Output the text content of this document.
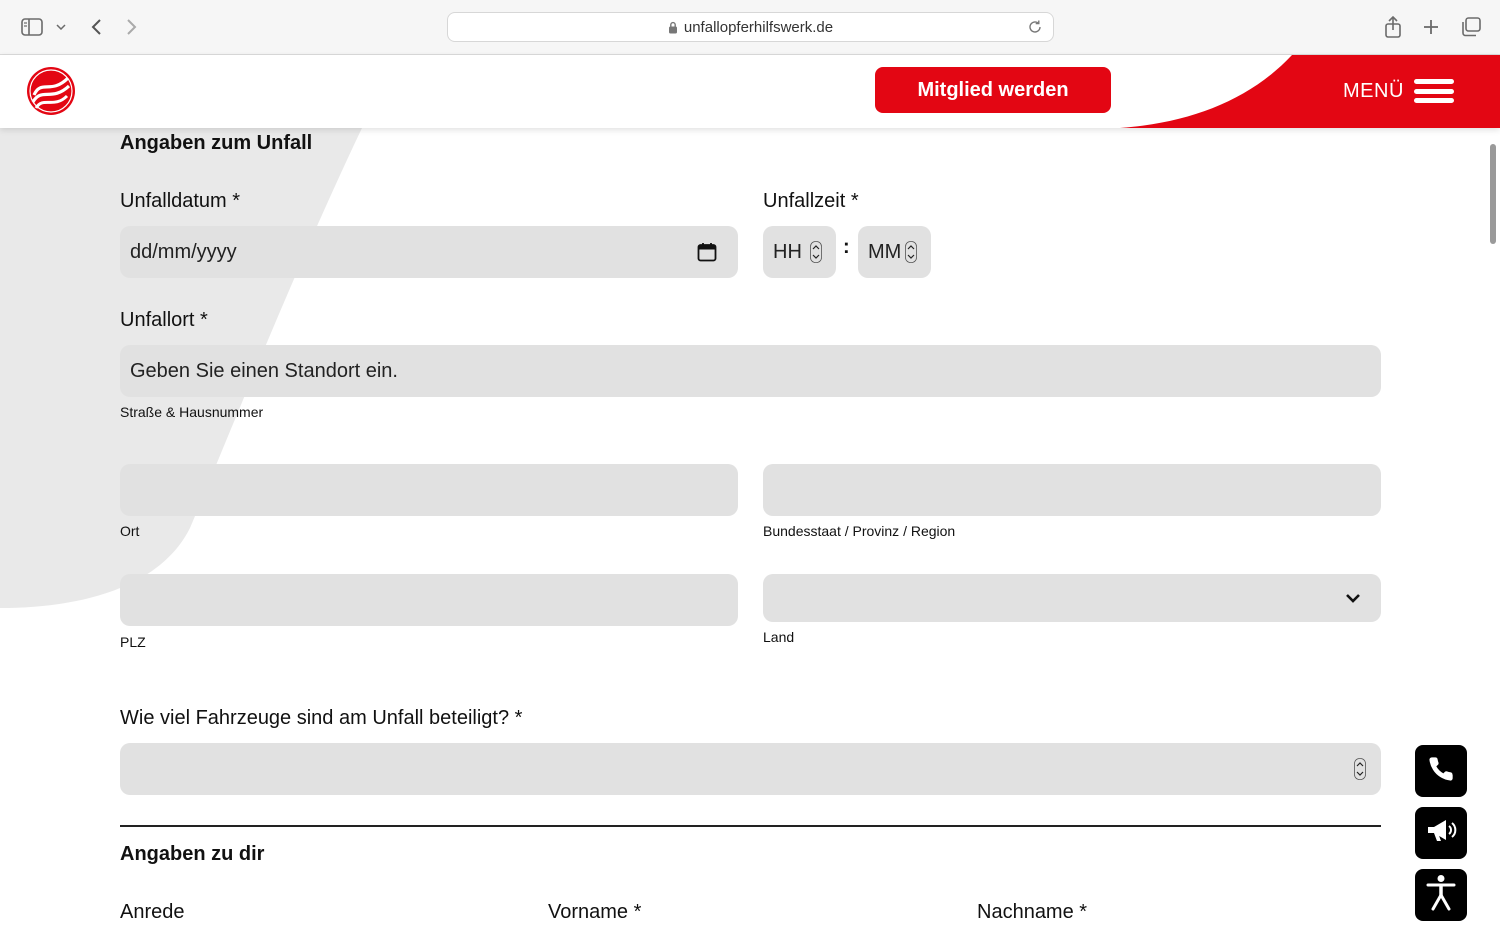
unfallopferhilfswerk.de
Mitglied werden	MENÜ
Angaben zum Unfall
Unfalldatum *
dd/mm/yyyy
Unfallzeit *
HH : MM
Unfallort *
Geben Sie einen Standort ein.
Straße & Hausnummer
Ort	Bundesstaat / Provinz / Region
PLZ	Land
Wie viel Fahrzeuge sind am Unfall beteiligt? *
Angaben zu dir
Anrede	Vorname *	Nachname *
